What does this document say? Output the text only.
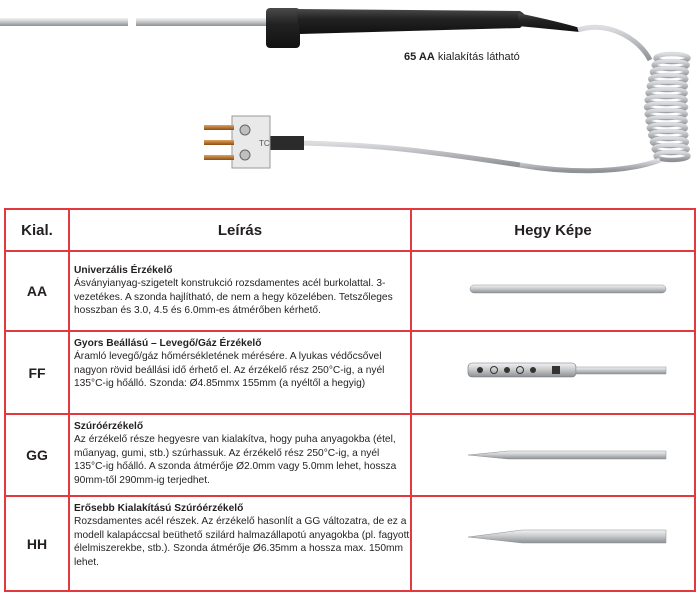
TC
65 AA kialakítás látható
Kial.	Leírás	Hegy Képe
AA
Univerzális Érzékelő
Ásványianyag-szigetelt konstrukció rozsdamentes acél burkolattal. 3-vezetékes. A szonda hajlítható, de nem a hegy közelében. Tetszőleges hosszban és 3.0, 4.5 és 6.0mm-es átmérőben kérhető.
FF
Gyors Beállású – Levegő/Gáz Érzékelő
Áramló levegő/gáz hőmérsékletének mérésére. A lyukas védőcsővel nagyon rövid beállási idő érhető el. Az érzékelő rész 250°C-ig, a nyél 135°C-ig hőálló. Szonda: Ø4.85mmx 155mm (a nyéltől a hegyig)
GG
Szúróérzékelő
Az érzékelő része hegyesre van kialakítva, hogy puha anyagokba (étel, műanyag, gumi, stb.) szúrhassuk. Az érzékelő rész 250°C-ig, a nyél 135°C-ig hőálló. A szonda átmérője Ø2.0mm vagy 5.0mm lehet, hossza 90mm-től 290mm-ig terjedhet.
HH
Erősebb Kialakítású Szúróérzékelő
Rozsdamentes acél részek. Az érzékelő hasonlít a GG változatra, de ez a modell kalapáccsal beüthető szilárd halmazállapotú anyagokba (pl. fagyott élelmiszerekbe, stb.). Szonda átmérője Ø6.35mm a hossza max. 150mm lehet.
